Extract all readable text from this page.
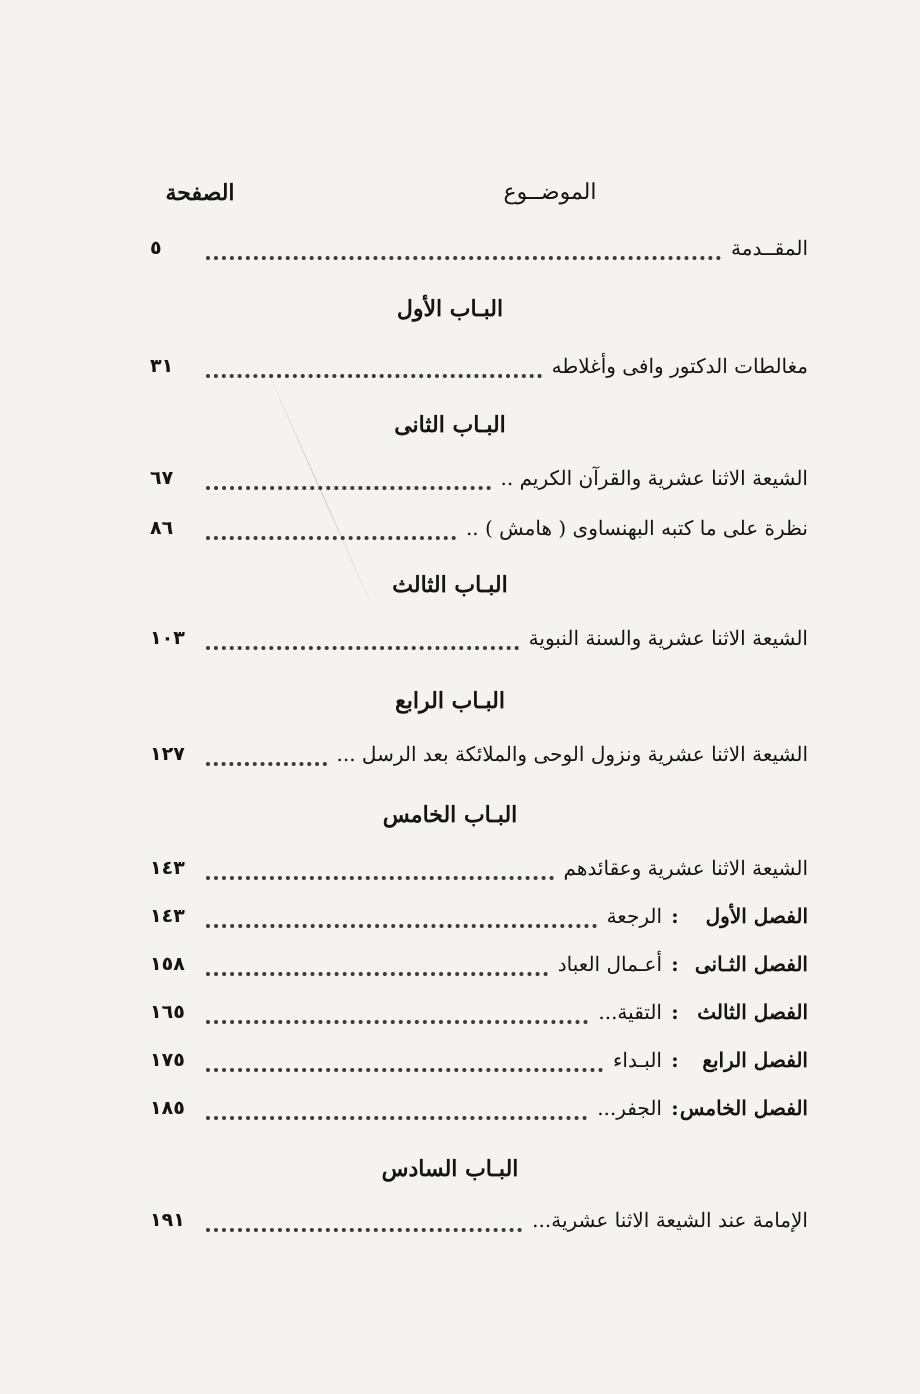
الموضــوع
الصفحة
المقــدمة
٥
البـاب الأول
مغالطات الدكتور وافى وأغلاطه
٣١
البـاب الثانى
الشيعة الاثنا عشرية والقرآن الكريم ..
٦٧
نظرة على ما كتبه البهنساوى ( هامش ) ..
٨٦
البـاب الثالث
الشيعة الاثنا عشرية والسنة النبوية
١٠٣
البـاب الرابع
الشيعة الاثنا عشرية ونزول الوحى والملائكة بعد الرسل ...
١٢٧
البـاب الخامس
الشيعة الاثنا عشرية وعقائدهم
١٤٣
الفصل الأول
:
الرجعة
١٤٣
الفصل الثـانى
:
أعـمال العباد
١٥٨
الفصل الثالث
:
التقية...
١٦٥
الفصل الرابع
:
البـداء
١٧٥
الفصل الخامس
:
الجفر...
١٨٥
البـاب السادس
الإمامة عند الشيعة الاثنا عشرية...
١٩١
